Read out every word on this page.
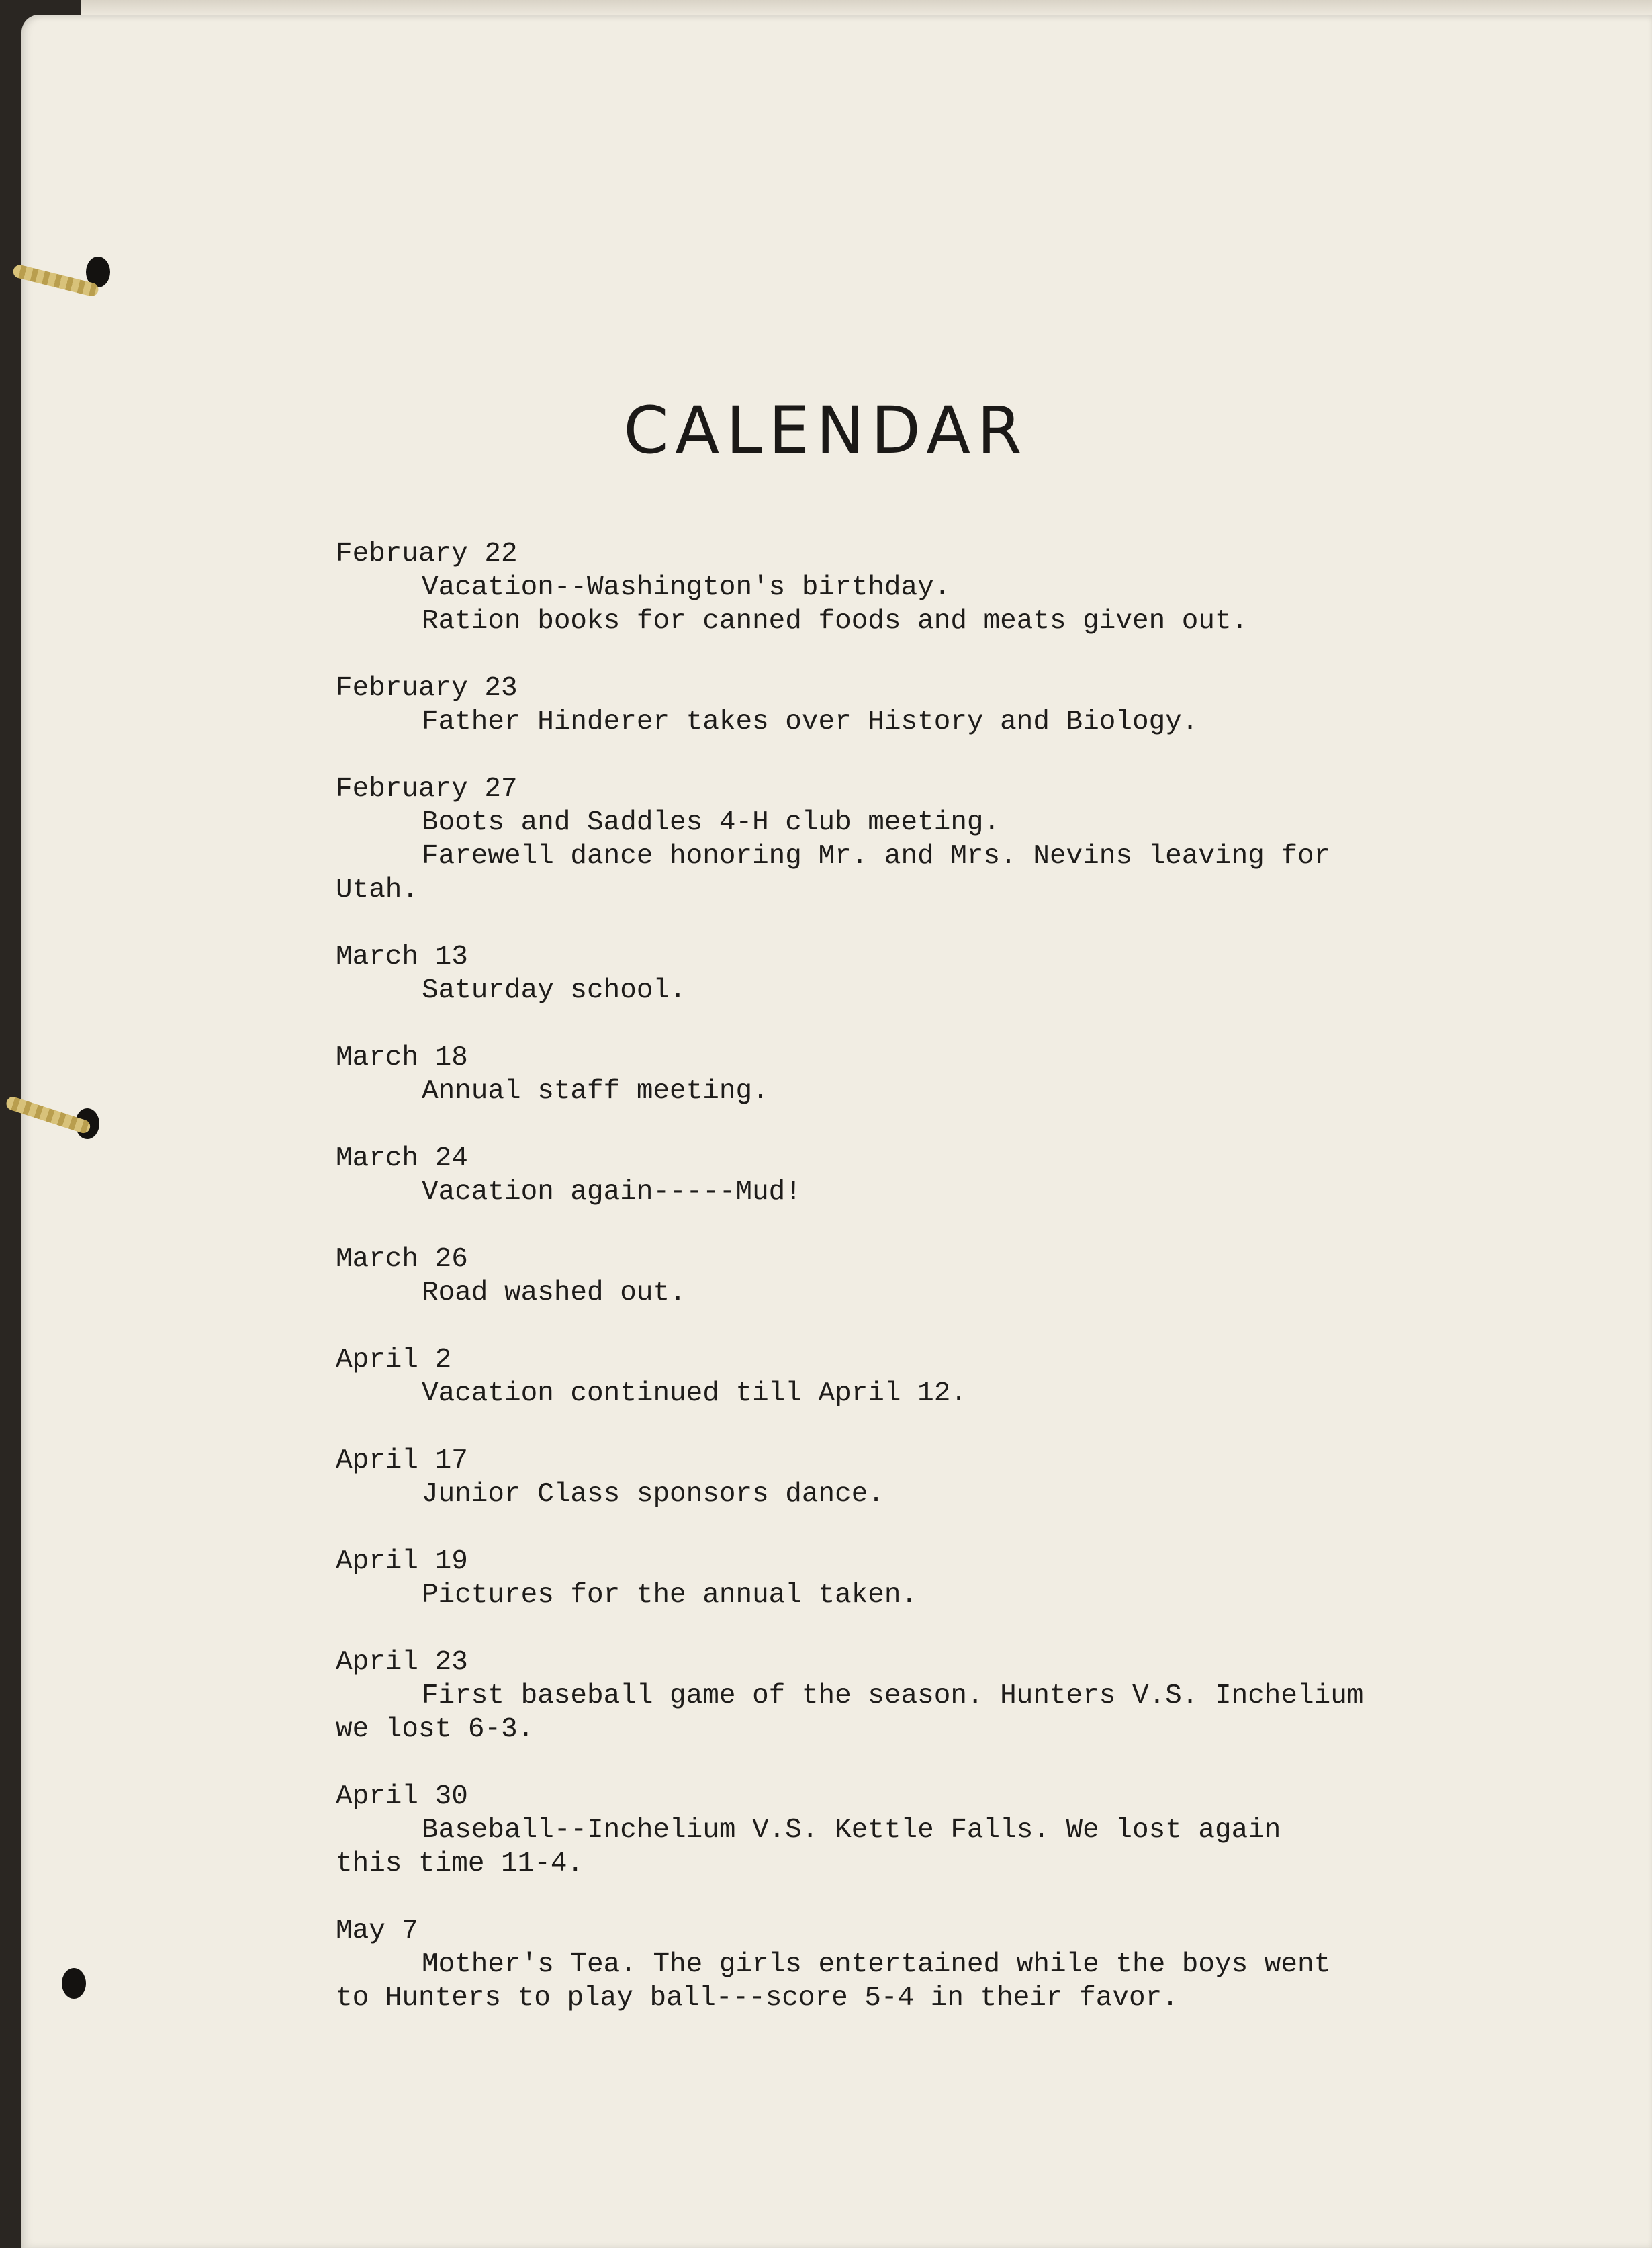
CALENDAR
February 22
Vacation--Washington's birthday.
Ration books for canned foods and meats given out.
February 23
Father Hinderer takes over History and Biology.
February 27
Boots and Saddles 4-H club meeting.
Farewell dance honoring Mr. and Mrs. Nevins leaving for
Utah.
March 13
Saturday school.
March 18
Annual staff meeting.
March 24
Vacation again-----Mud!
March 26
Road washed out.
April 2
Vacation continued till April 12.
April 17
Junior Class sponsors dance.
April 19
Pictures for the annual taken.
April 23
First baseball game of the season. Hunters V.S. Inchelium
we lost 6-3.
April 30
Baseball--Inchelium V.S. Kettle Falls. We lost again
this time 11-4.
May 7
Mother's Tea. The girls entertained while the boys went
to Hunters to play ball---score 5-4 in their favor.
